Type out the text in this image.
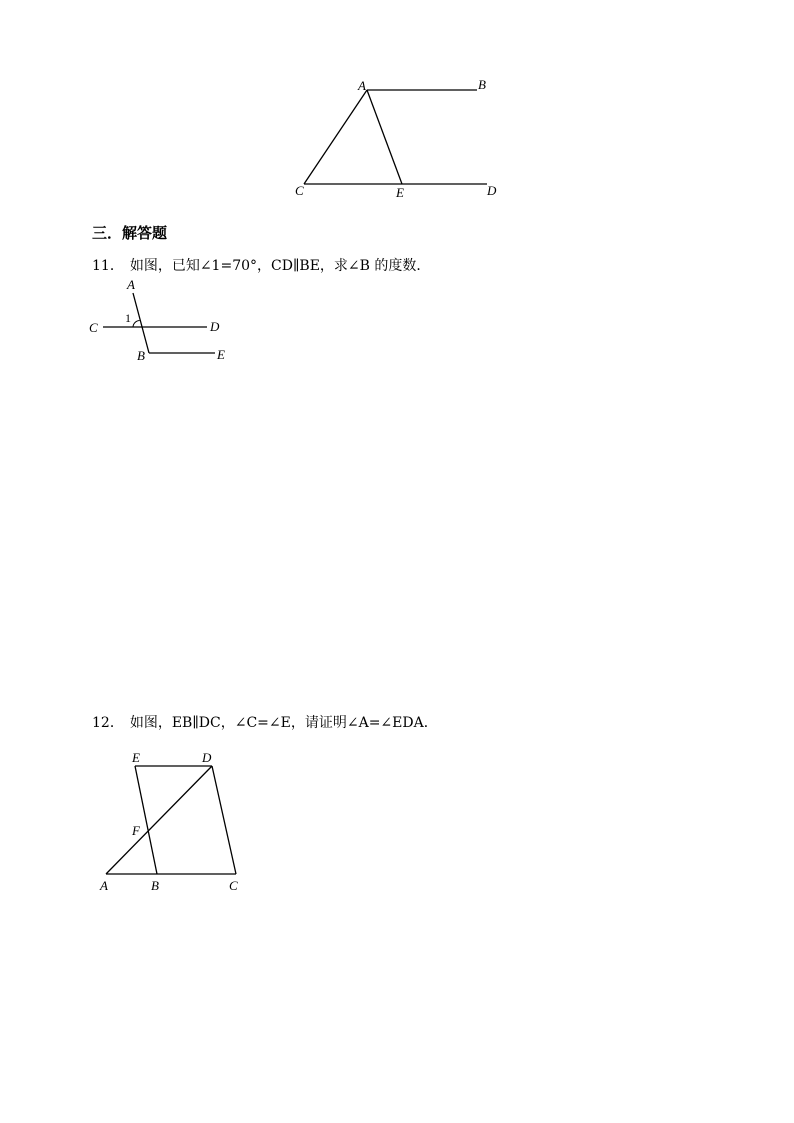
A	B
C	E	D
三．解答题
11． 如图，已知∠1=70°，CD∥BE，求∠B 的度数．
A
1
C	D
B	E
12． 如图，EB∥DC，∠C=∠E，请证明∠A=∠EDA．
E	D
F
A	B	C
